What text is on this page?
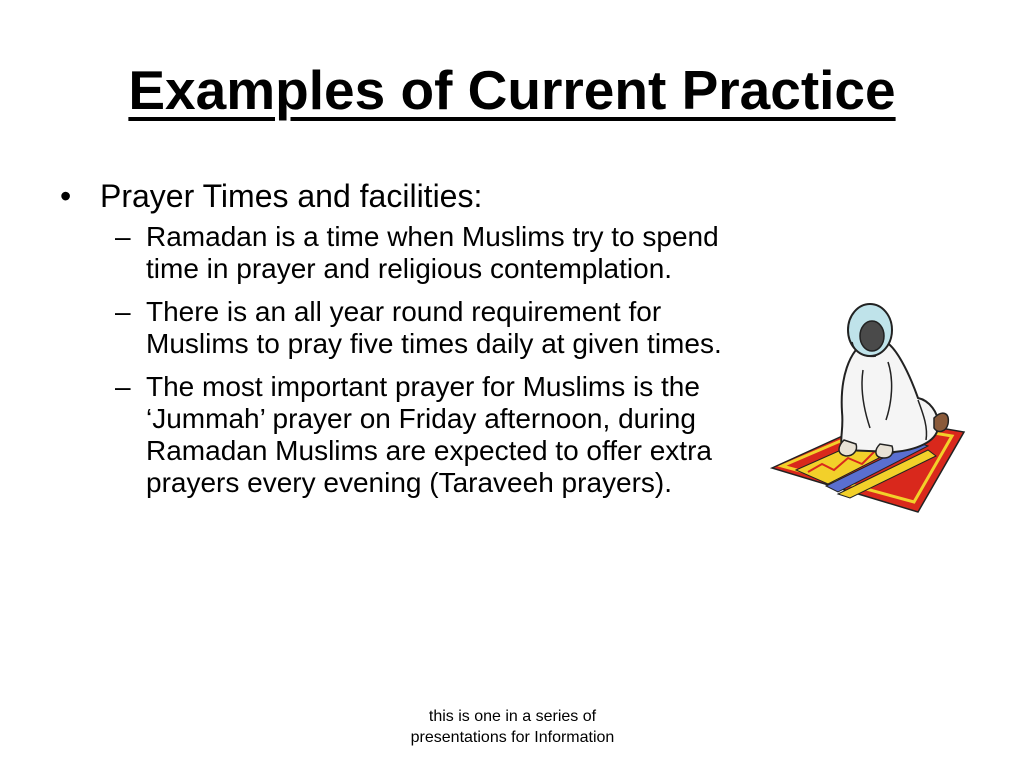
Examples of Current Practice
• Prayer Times and facilities:
– Ramadan is a time when Muslims try to spend time in prayer and religious contemplation.
– There is an all year round requirement for Muslims to pray five times daily at given times.
– The most important prayer for Muslims is the ‘Jummah’ prayer on Friday afternoon, during Ramadan Muslims are expected to offer extra prayers every evening (Taraveeh prayers).
this is one in a series of
presentations for Information
